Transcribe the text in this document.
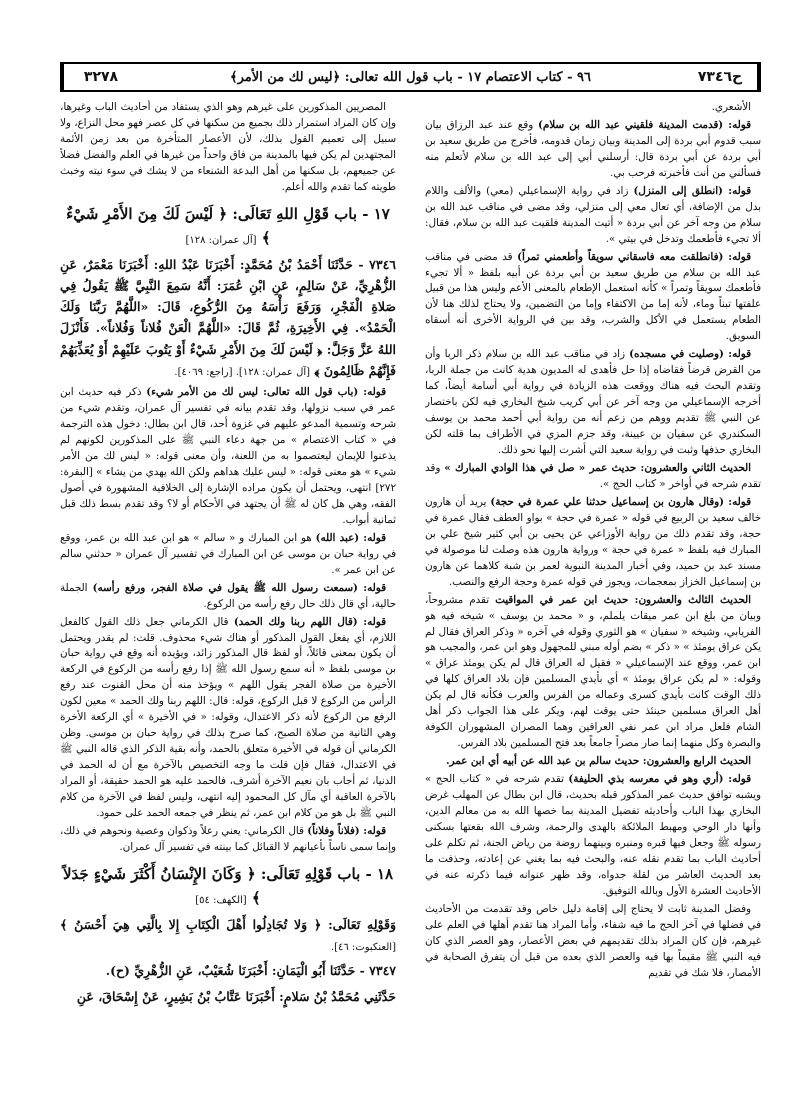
٣٢٧٨	٩٦ - كتاب الاعتصام ١٧ - باب قول الله تعالى: ﴿ليس لك من الأمر﴾	ح٧٣٤٦

الأشعري.

قوله: (قدمت المدينة فلقيني عبد الله بن سلام) وقع عند عبد الرزاق بيان سبب قدوم أبي بردة إلى المدينة وبيان زمان قدومه، فأخرج من طريق سعيد بن أبي بردة عن أبي بردة قال: أرسلني أبي إلى عبد الله بن سلام لأتعلم منه فسألني من أنت فأخبرته فرحب بي.

قوله: (انطلق إلى المنزل) زاد في رواية الإسماعيلي (معي) والألف واللام بدل من الإضافة، أي تعال معي إلى منزلي، وقد مضى في مناقب عبد الله بن سلام من وجه آخر عن أبي بردة « أتيت المدينة فلقيت عبد الله بن سلام، فقال: ألا تجيء فأطعمك وتدخل في بيتي ».

قوله: (فانطلقت معه فاسقاني سويقاً وأطعمني تمراً) قد مضى في مناقب عبد الله بن سلام من طريق سعيد بن أبي بردة عن أبيه بلفظ « ألا تجيء فأطعمك سويقاً وتمراً » كأنه استعمل الإطعام بالمعنى الأعم وليس هذا من قبيل علفتها تبناً وماء، لأنه إما من الاكتفاء وإما من التضمين، ولا يحتاج لذلك هنا لأن الطعام يستعمل في الأكل والشرب، وقد بين في الرواية الأخرى أنه أسقاه السويق.

قوله: (وصليت في مسجده) زاد في مناقب عبد الله بن سلام ذكر الربا وأن من القرض قرضاً فقاضاه إذا حل فأهدى له المديون هدية كانت من جملة الربا، وتقدم البحث فيه هناك ووقعت هذه الزيادة في رواية أبي أسامة أيضاً، كما أخرجه الإسماعيلي من وجه آخر عن أبي كريب شيخ البخاري فيه لكن باختصار عن النبي ﷺ تقديم ووهم من زعم أنه من رواية أبي أحمد محمد بن يوسف السكندري عن سفيان بن عيينة، وقد جزم المزي في الأطراف بما قلته لكن البخاري حذفها وثبت في رواية سعيد التي أشرت إليها نحو ذلك.

الحديث الثاني والعشرون: حديث عمر « صل في هذا الوادي المبارك » وقد تقدم شرحه في أواخر « كتاب الحج ».

قوله: (وقال هارون بن إسماعيل حدثنا علي عمرة في حجة) يريد أن هارون خالف سعيد بن الربيع في قوله « عمرة في حجة » بواو العطف فقال عمرة في حجة، وقد تقدم ذلك من رواية الأوزاعي عن يحيى بن أبي كثير شيخ علي بن المبارك فيه بلفظ « عمرة في حجة » ورواية هارون هذه وصلت لنا موصولة في مسند عبد بن حميد، وفي أخبار المدينة النبوية لعمر بن شبة كلاهما عن هارون بن إسماعيل الخزاز بمعجمات، ويجوز في قوله عمرة وحجة الرفع والنصب.

الحديث الثالث والعشرون: حديث ابن عمر في المواقيت تقدم مشروحاً، وبيان من بلغ ابن عمر ميقات يلملم، و « محمد بن يوسف » شيخه فيه هو الفريابي، وشيخه « سفيان » هو الثوري وقوله في آخره « وذكر العراق فقال لم يكن عراق يومئذ » « ذكر » بضم أوله مبني للمجهول وهو ابن عمر، والمجيب هو ابن عمر، ووقع عند الإسماعيلي « فقيل له العراق قال لم يكن يومئذ عراق » وقوله: « لم يكن عراق يومئذ » أي بأيدي المسلمين فإن بلاد العراق كلها في ذلك الوقت كانت بأيدي كسرى وعماله من الفرس والعرب فكأنه قال لم يكن أهل العراق مسلمين حينئذ حتى يوقت لهم، ويكر على هذا الجواب ذكر أهل الشام فلعل مراد ابن عمر نفي العراقين وهما المصران المشهوران الكوفة والبصرة وكل منهما إنما صار مصراً جامعاً بعد فتح المسلمين بلاد الفرس.

الحديث الرابع والعشرون: حديث سالم بن عبد الله عن أبيه أي ابن عمر.

قوله: (أري وهو في معرسه بذي الحليفة) تقدم شرحه في « كتاب الحج » ويشبه توافق حديث عمر المذكور قبله بحديث، قال ابن بطال عن المهلب غرض البخاري بهذا الباب وأحاديثه تفضيل المدينة بما خصها الله به من معالم الدين، وأنها دار الوحي ومهبط الملائكة بالهدى والرحمة، وشرف الله بقعتها بسكنى رسوله ﷺ وجعل فيها قبره ومنبره وبينهما روضة من رياض الجنة، ثم تكلم على أحاديث الباب بما تقدم نقله عنه، والبحث فيه بما يغني عن إعادته، وحذفت ما بعد الحديث العاشر من لقلة جدواه، وقد ظهر عنوانه فيما ذكرته عنه في الأحاديث العشرة الأول وبالله التوفيق.

وفضل المدينة ثابت لا يحتاج إلى إقامة دليل خاص وقد تقدمت من الأحاديث في فضلها في آخر الحج ما فيه شفاء، وأما المراد هنا تقدم أهلها في العلم على غيرهم، فإن كان المراد بذلك تقديمهم في بعض الأعصار، وهو العصر الذي كان فيه النبي ﷺ مقيماً بها فيه والعصر الذي بعده من قبل أن يتفرق الصحابة في الأمصار، فلا شك في تقديم

المصريين المذكورين على غيرهم وهو الذي يستفاد من أحاديث الباب وغيرها، وإن كان المراد استمرار ذلك بجميع من سكنها في كل عصر فهو محل النزاع، ولا سبيل إلى تعميم القول بذلك، لأن الأعصار المتأخرة من بعد زمن الأئمة المجتهدين لم يكن فيها بالمدينة من فاق واحداً من غيرها في العلم والفضل فضلاً عن جميعهم، بل سكنها من أهل البدعة الشنعاء من لا يشك في سوء نيته وخبث طويته كما تقدم والله أعلم.

١٧ - باب قَوْلِ اللهِ تَعَالَى: ﴿ لَيْسَ لَكَ مِنَ الأَمْرِ شَيْءٌ ﴾ [آل عمران: ١٢٨]

٧٣٤٦ - حَدَّثَنَا أَحْمَدُ بْنُ مُحَمَّدٍ: أَخْبَرَنَا عَبْدُ اللهِ: أَخْبَرَنَا مَعْمَرٌ، عَنِ الزُّهْرِيِّ، عَنْ سَالِمٍ، عَنِ ابْنِ عُمَرَ: أَنَّهُ سَمِعَ النَّبِيَّ ﷺ يَقُولُ فِي صَلاةِ الْفَجْرِ، وَرَفَعَ رَأْسَهُ مِنَ الرُّكُوعِ، قَالَ: «اللَّهُمَّ رَبَّنَا وَلَكَ الْحَمْدُ». فِي الأَخِيرَةِ، ثُمَّ قَالَ: «اللَّهُمَّ الْعَنْ فُلاناً وَفُلاناً». فَأَنْزَلَ اللهُ عَزَّ وَجَلَّ: ﴿ لَيْسَ لَكَ مِنَ الأَمْرِ شَيْءٌ أَوْ يَتُوبَ عَلَيْهِمْ أَوْ يُعَذِّبَهُمْ فَإِنَّهُمْ ظَالِمُونَ ﴾ [آل عمران: ١٢٨]. [راجع: ٤٠٦٩].

قوله: (باب قول الله تعالى: ليس لك من الأمر شيء) ذكر فيه حديث ابن عمر في سبب نزولها، وقد تقدم بيانه في تفسير آل عمران، وتقدم شيء من شرحه وتسمية المدعو عليهم في غزوة أحد، قال ابن بطال: دخول هذه الترجمة في « كتاب الاعتصام » من جهة دعاء النبي ﷺ على المذكورين لكونهم لم يذعنوا للإيمان ليعتصموا به من اللعنة، وأن معنى قوله: « ليس لك من الأمر شيء » هو معنى قوله: « ليس عليك هداهم ولكن الله يهدي من يشاء » [البقرة: ٢٧٢] انتهى، ويحتمل أن يكون مراده الإشارة إلى الخلافية المشهورة في أصول الفقه، وهي هل كان له ﷺ أن يجتهد في الأحكام أو لا؟ وقد تقدم بسط ذلك قبل ثمانية أبواب.

قوله: (عبد الله) هو ابن المبارك و « سالم » هو ابن عبد الله بن عمر، ووقع في رواية حبان بن موسى عن ابن المبارك في تفسير آل عمران « حدثني سالم عن ابن عمر ».

قوله: (سمعت رسول الله ﷺ يقول في صلاة الفجر، ورفع رأسه) الجملة حالية، أي قال ذلك حال رفع رأسه من الركوع.

قوله: (قال اللهم ربنا ولك الحمد) قال الكرماني جعل ذلك القول كالفعل اللازم، أي يفعل القول المذكور أو هناك شيء محذوف. قلت: لم يقدر ويحتمل أن يكون بمعنى قائلاً، أو لفظ قال المذكور زائد، ويؤيده أنه وقع في رواية حبان بن موسى بلفظ « أنه سمع رسول الله ﷺ إذا رفع رأسه من الركوع في الركعة الأخيرة من صلاة الفجر يقول اللهم » ويؤخذ منه أن محل القنوت عند رفع الرأس من الركوع لا قبل الركوع، قوله: قال: اللهم ربنا ولك الحمد » معين لكون الرفع من الركوع لأنه ذكر الاعتدال، وقوله: « في الأخيرة » أي الركعة الأخرة وهي الثانية من صلاة الصبح، كما صرح بذلك في رواية حبان بن موسى. وظن الكرماني أن قوله في الأخيرة متعلق بالحمد، وأنه بقية الذكر الذي قاله النبي ﷺ في الاعتدال، فقال فإن قلت ما وجه التخصيص بالآخرة مع أن له الحمد في الدنيا، ثم أجاب بان نعيم الآخرة أشرف، فالحمد عليه هو الحمد حقيقة، أو المراد بالآخرة العاقبة أي مآل كل المحمود إليه انتهى، وليس لفظ في الآخرة من كلام النبي ﷺ بل هو من كلام ابن عمر، ثم ينظر في جمعه الحمد على حمود.

قوله: (فلاناً وفلاناً) قال الكرماني: يعني رعلاً وذكوان وعصية ونحوهم في ذلك، وإنما سمى ناساً بأعيانهم لا القبائل كما بينته في تفسير آل عمران.

١٨ - باب قَوْلِهِ تَعَالَى: ﴿ وَكَانَ الإِنْسَانُ أَكْثَرَ شَيْءٍ جَدَلاً ﴾ [الكهف: ٥٤]

وَقَوْلِهِ تَعَالَى: ﴿ وَلا تُجَادِلُوا أَهْلَ الْكِتَابِ إِلا بِالَّتِي هِيَ أَحْسَنُ ﴾ [العنكبوت: ٤٦].

٧٣٤٧ - حَدَّثَنَا أَبُو الْيَمَانِ: أَخْبَرَنَا شُعَيْبٌ، عَنِ الزُّهْرِيِّ (ح).

حَدَّثَنِي مُحَمَّدُ بْنُ سَلامٍ: أَخْبَرَنَا عَتَّابُ بْنُ بَشِيرٍ، عَنْ إِسْحَاقَ، عَنِ
